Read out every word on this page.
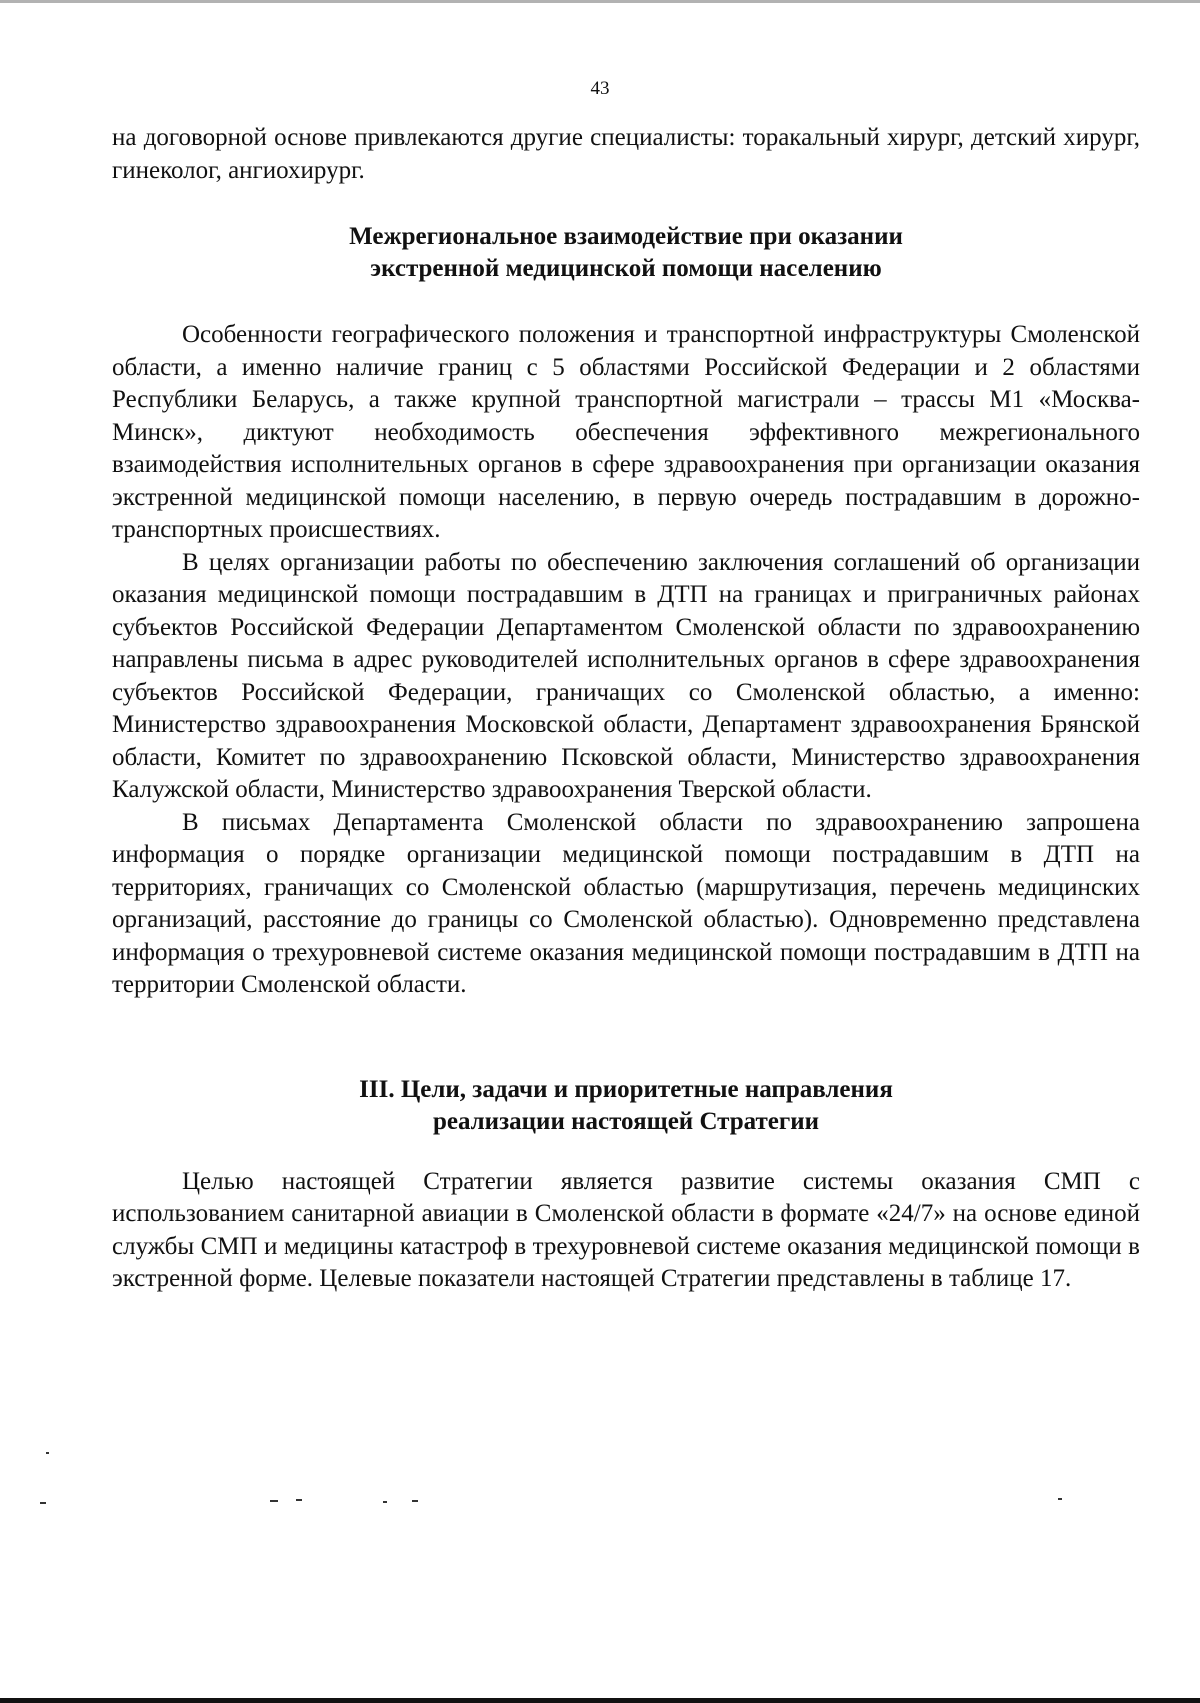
43

на договорной основе привлекаются другие специалисты: торакальный хирург, детский хирург, гинеколог, ангиохирург.

Межрегиональное взаимодействие при оказании
экстренной медицинской помощи населению

Особенности географического положения и транспортной инфраструктуры Смоленской области, а именно наличие границ с 5 областями Российской Федерации и 2 областями Республики Беларусь, а также крупной транспортной магистрали – трассы М1 «Москва-Минск», диктуют необходимость обеспечения эффективного межрегионального взаимодействия исполнительных органов в сфере здравоохранения при организации оказания экстренной медицинской помощи населению, в первую очередь пострадавшим в дорожно-транспортных происшествиях.

В целях организации работы по обеспечению заключения соглашений об организации оказания медицинской помощи пострадавшим в ДТП на границах и приграничных районах субъектов Российской Федерации Департаментом Смоленской области по здравоохранению направлены письма в адрес руководителей исполнительных органов в сфере здравоохранения субъектов Российской Федерации, граничащих со Смоленской областью, а именно: Министерство здравоохранения Московской области, Департамент здравоохранения Брянской области, Комитет по здравоохранению Псковской области, Министерство здравоохранения Калужской области, Министерство здравоохранения Тверской области.

В письмах Департамента Смоленской области по здравоохранению запрошена информация о порядке организации медицинской помощи пострадавшим в ДТП на территориях, граничащих со Смоленской областью (маршрутизация, перечень медицинских организаций, расстояние до границы со Смоленской областью). Одновременно представлена информация о трехуровневой системе оказания медицинской помощи пострадавшим в ДТП на территории Смоленской области.

III. Цели, задачи и приоритетные направления
реализации настоящей Стратегии

Целью настоящей Стратегии является развитие системы оказания СМП с использованием санитарной авиации в Смоленской области в формате «24/7» на основе единой службы СМП и медицины катастроф в трехуровневой системе оказания медицинской помощи в экстренной форме. Целевые показатели настоящей Стратегии представлены в таблице 17.
